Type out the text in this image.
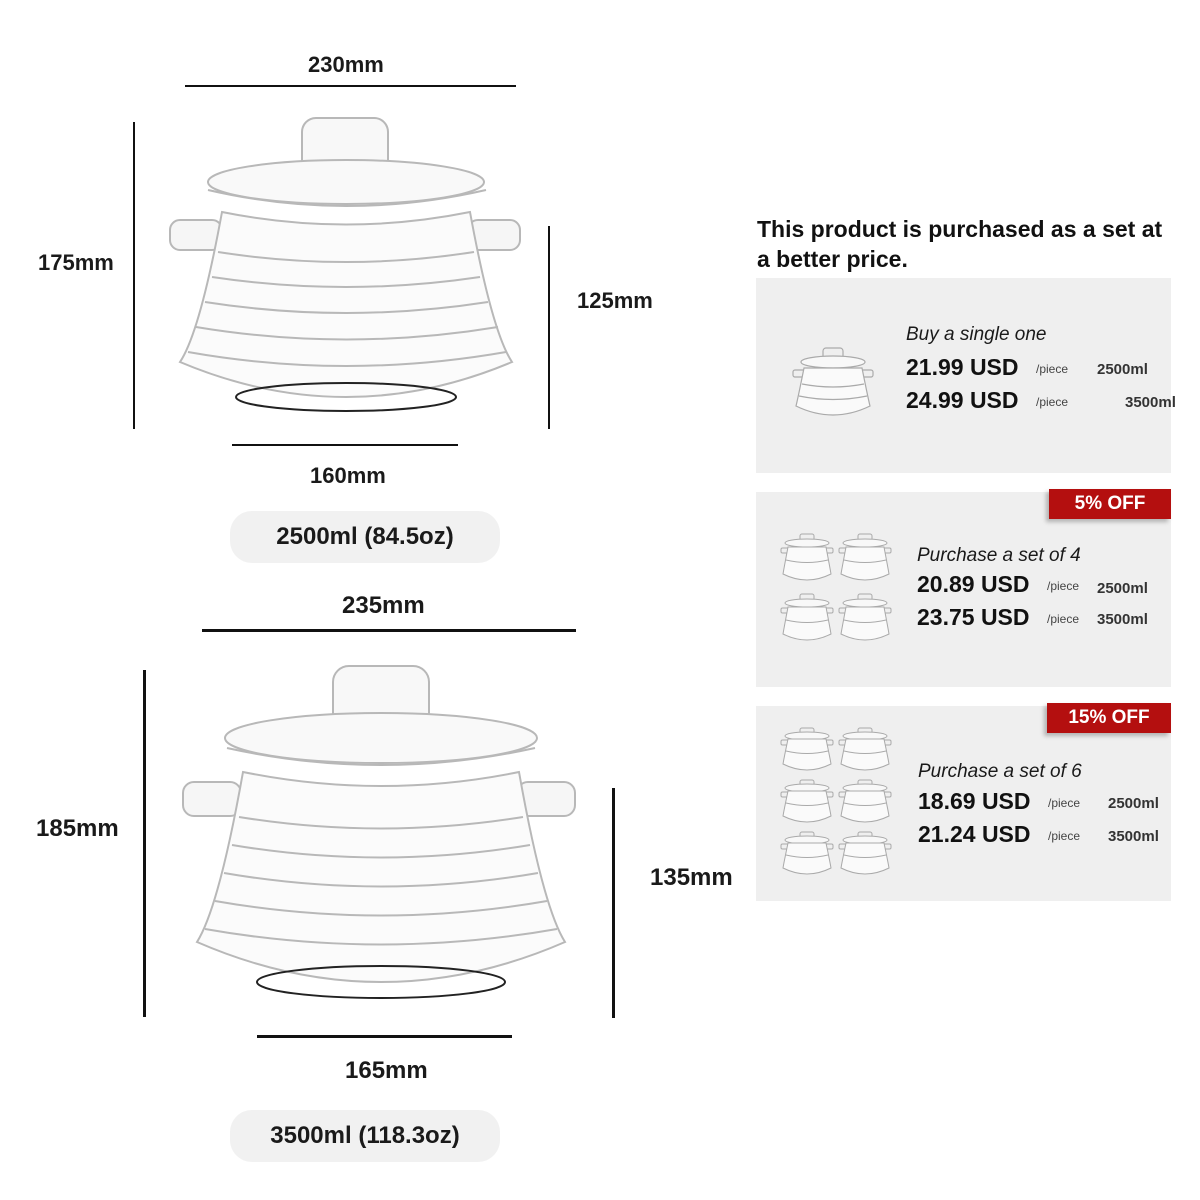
230mm
175mm
125mm
160mm
2500ml (84.5oz)
235mm
185mm
135mm
165mm
3500ml (118.3oz)
This product is purchased as a set at a better price.
Buy a single one
21.99 USD /piece 2500ml
24.99 USD /piece	3500ml
5% OFF
Purchase a set of 4
20.89 USD /piece 2500ml
23.75 USD /piece 3500ml
15% OFF
Purchase a set of 6
18.69 USD /piece 2500ml
21.24 USD /piece 3500ml
